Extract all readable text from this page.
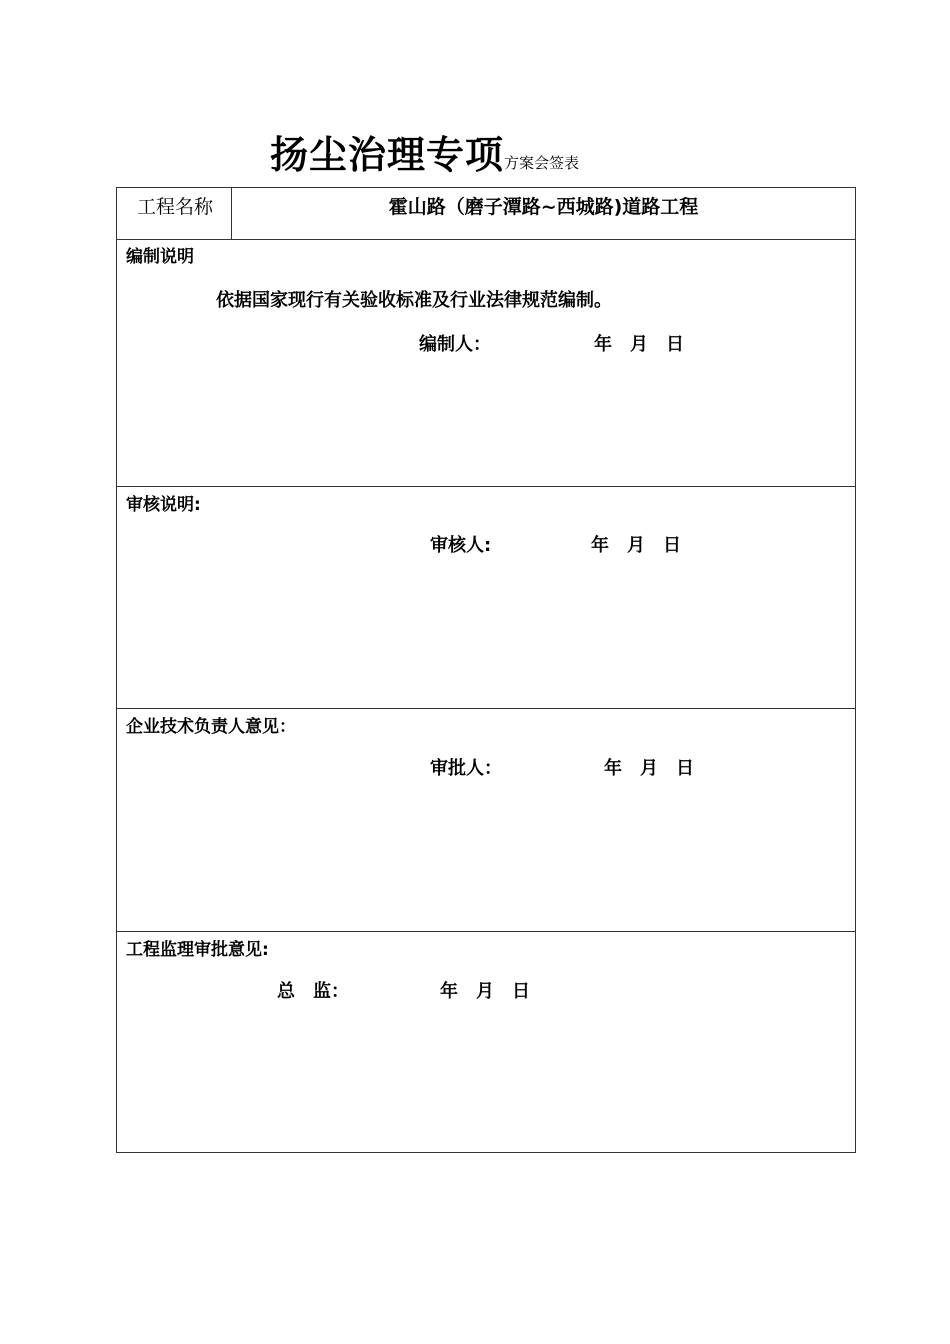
扬尘治理专项方案会签表
工程名称	霍山路（磨子潭路~西城路)道路工程
编制说明
依据国家现行有关验收标准及行业法律规范编制。
编制人：	年　月　日
审核说明:
审核人:	年　月　日
企业技术负责人意见：
审批人：	年　月　日
工程监理审批意见:
总　监：	年　月　日
